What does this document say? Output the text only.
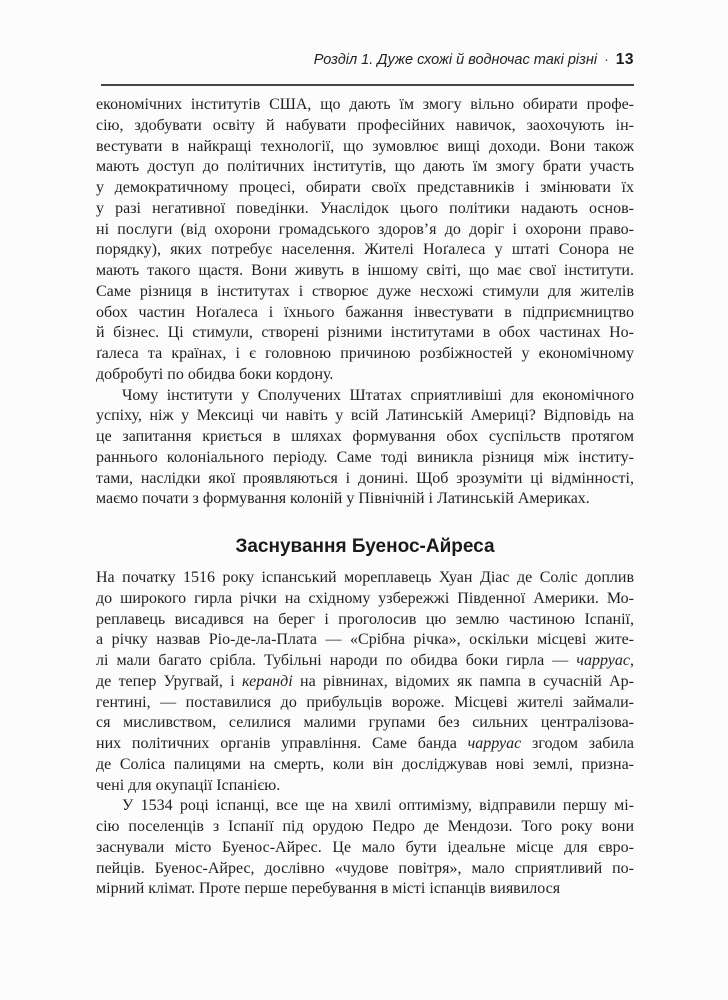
Розділ 1. Дуже схожі й водночас такі різні · 13
економічних інститутів США, що дають їм змогу вільно обирати профе-
сію, здобувати освіту й набувати професійних навичок, заохочують ін-
вестувати в найкращі технології, що зумовлює вищі доходи. Вони також
мають доступ до політичних інститутів, що дають їм змогу брати участь
у демократичному процесі, обирати своїх представників і змінювати їх
у разі негативної поведінки. Унаслідок цього політики надають основ-
ні послуги (від охорони громадського здоров’я до доріг і охорони право-
порядку), яких потребує населення. Жителі Ноґалеса у штаті Сонора не
мають такого щастя. Вони живуть в іншому світі, що має свої інститути.
Саме різниця в інститутах і створює дуже несхожі стимули для жителів
обох частин Ноґалеса і їхнього бажання інвестувати в підприємництво
й бізнес. Ці стимули, створені різними інститутами в обох частинах Но-
ґалеса та країнах, і є головною причиною розбіжностей у економічному
добробуті по обидва боки кордону.
Чому інститути у Сполучених Штатах сприятливіші для економічного
успіху, ніж у Мексиці чи навіть у всій Латинській Америці? Відповідь на
це запитання криється в шляхах формування обох суспільств протягом
раннього колоніального періоду. Саме тоді виникла різниця між інститу-
тами, наслідки якої проявляються і донині. Щоб зрозуміти ці відмінності,
маємо почати з формування колоній у Північній і Латинській Америках.
Заснування Буенос-Айреса
На початку 1516 року іспанський мореплавець Хуан Діас де Соліс доплив
до широкого гирла річки на східному узбережжі Південної Америки. Мо-
реплавець висадився на берег і проголосив цю землю частиною Іспанії,
а річку назвав Ріо-де-ла-Плата — «Срібна річка», оскільки місцеві жите-
лі мали багато срібла. Тубільні народи по обидва боки гирла — чарруас,
де тепер Уругвай, і керанді на рівнинах, відомих як пампа в сучасній Ар-
гентині, — поставилися до прибульців вороже. Місцеві жителі займали-
ся мисливством, селилися малими групами без сильних централізова-
них політичних органів управління. Саме банда чарруас згодом забила
де Соліса палицями на смерть, коли він досліджував нові землі, призна-
чені для окупації Іспанією.
У 1534 році іспанці, все ще на хвилі оптимізму, відправили першу мі-
сію поселенців з Іспанії під орудою Педро де Мендози. Того року вони
заснували місто Буенос-Айрес. Це мало бути ідеальне місце для євро-
пейців. Буенос-Айрес, дослівно «чудове повітря», мало сприятливий по-
мірний клімат. Проте перше перебування в місті іспанців виявилося
